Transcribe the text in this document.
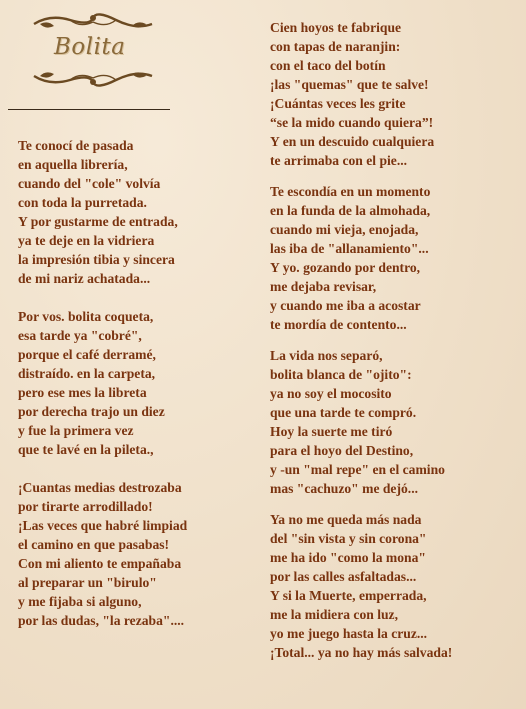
Bolita
Te conocí de pasada
en aquella librería,
cuando del "cole" volvía
con toda la purretada.
Y por gustarme de entrada,
ya te deje en la vidriera
la impresión tibia y sincera
de mi nariz achatada...
Por vos. bolita coqueta,
esa tarde ya "cobré",
porque el café derramé,
distraído. en la carpeta,
pero ese mes la libreta
por derecha trajo un diez
y fue la primera vez
que te lavé en la pileta.,
¡Cuantas medias destrozaba
por tirarte arrodillado!
¡Las veces que habré limpiad
el camino en que pasabas!
Con mi aliento te empañaba
al preparar un "birulo"
y me fijaba si alguno,
por las dudas, "la rezaba"....
Cien hoyos te fabrique
con tapas de naranjin:
con el taco del botín
¡las "quemas" que te salve!
¡Cuántas veces les grite
“se la mido cuando quiera”!
Y en un descuido cualquiera
te arrimaba con el pie...
Te escondía en un momento
en la funda de la almohada,
cuando mi vieja, enojada,
las iba de "allanamiento"...
Y yo. gozando por dentro,
me dejaba revisar,
y cuando me iba a acostar
te mordía de contento...
La vida nos separó,
bolita blanca de "ojito":
ya no soy el mocosito
que una tarde te compró.
Hoy la suerte me tiró
para el hoyo del Destino,
y -un "mal repe" en el camino
mas "cachuzo" me dejó...
Ya no me queda más nada
del "sin vista y sin corona"
me ha ido "como la mona"
por las calles asfaltadas...
Y si la Muerte, emperrada,
me la midiera con luz,
yo me juego hasta la cruz...
¡Total... ya no hay más salvada!
